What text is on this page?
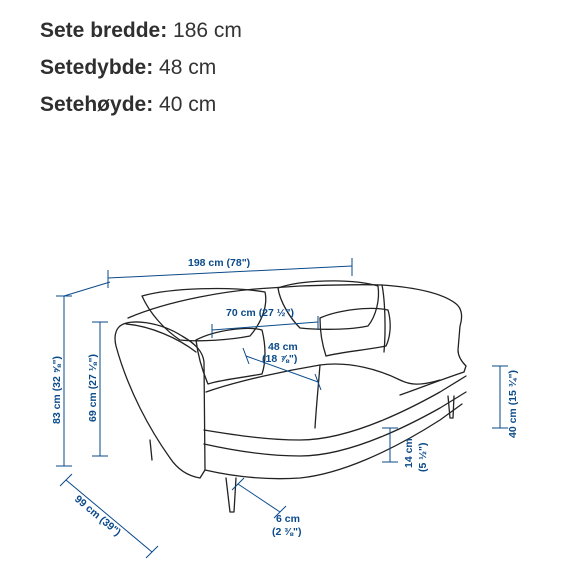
Sete bredde: 186 cm
Setedybde: 48 cm
Setehøyde: 40 cm
198 cm (78")
70 cm (27 ½")
48 cm
(18 ⅞")
83 cm (32 ⅝") 69 cm (27 ⅛")	40 cm (15 ¾")
14 cm (5 ½")
99 cm (39")	6 cm
(2 ⅜")
